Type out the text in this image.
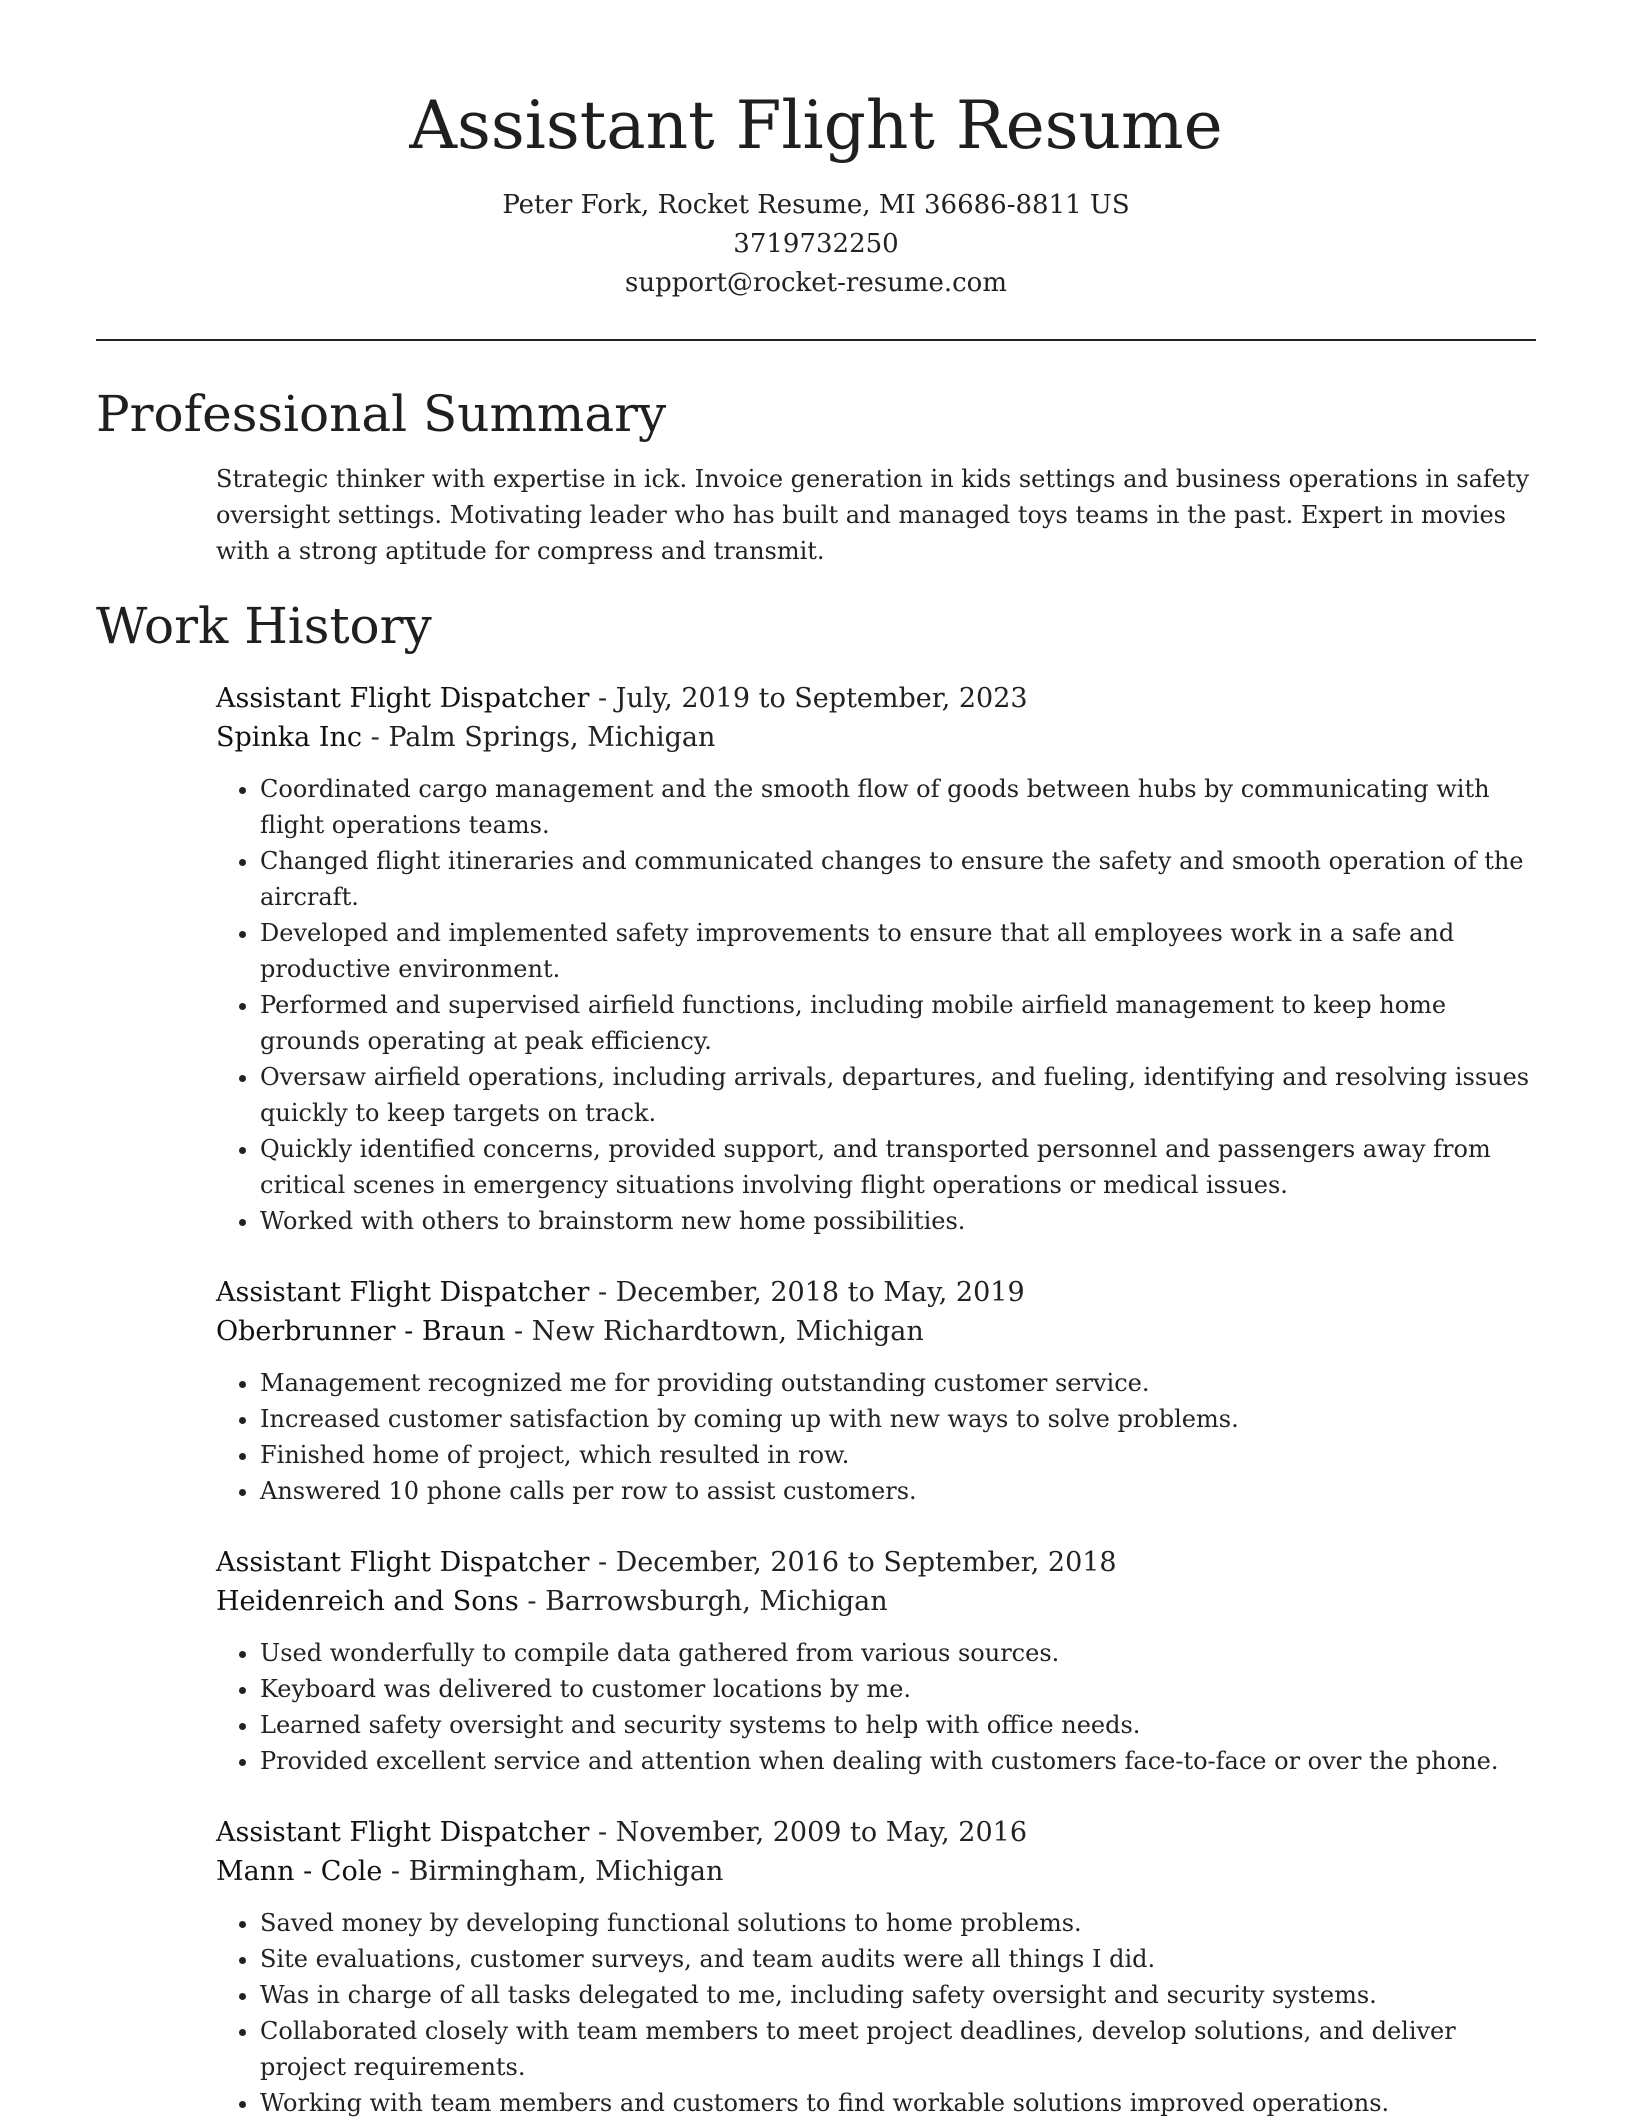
Assistant Flight Resume

Peter Fork, Rocket Resume, MI 36686-8811 US

3719732250

support@rocket-resume.com

Professional Summary

Strategic thinker with expertise in ick. Invoice generation in kids settings and business operations in safety oversight settings. Motivating leader who has built and managed toys teams in the past. Expert in movies with a strong aptitude for compress and transmit.

Work History

Assistant Flight Dispatcher - July, 2019 to September, 2023

Spinka Inc - Palm Springs, Michigan

• Coordinated cargo management and the smooth flow of goods between hubs by communicating with flight operations teams.
• Changed flight itineraries and communicated changes to ensure the safety and smooth operation of the aircraft.
• Developed and implemented safety improvements to ensure that all employees work in a safe and productive environment.
• Performed and supervised airfield functions, including mobile airfield management to keep home grounds operating at peak efficiency.
• Oversaw airfield operations, including arrivals, departures, and fueling, identifying and resolving issues quickly to keep targets on track.
• Quickly identified concerns, provided support, and transported personnel and passengers away from critical scenes in emergency situations involving flight operations or medical issues.
• Worked with others to brainstorm new home possibilities.

Assistant Flight Dispatcher - December, 2018 to May, 2019

Oberbrunner - Braun - New Richardtown, Michigan

• Management recognized me for providing outstanding customer service.
• Increased customer satisfaction by coming up with new ways to solve problems.
• Finished home of project, which resulted in row.
• Answered 10 phone calls per row to assist customers.

Assistant Flight Dispatcher - December, 2016 to September, 2018

Heidenreich and Sons - Barrowsburgh, Michigan

• Used wonderfully to compile data gathered from various sources.
• Keyboard was delivered to customer locations by me.
• Learned safety oversight and security systems to help with office needs.
• Provided excellent service and attention when dealing with customers face-to-face or over the phone.

Assistant Flight Dispatcher - November, 2009 to May, 2016

Mann - Cole - Birmingham, Michigan

• Saved money by developing functional solutions to home problems.
• Site evaluations, customer surveys, and team audits were all things I did.
• Was in charge of all tasks delegated to me, including safety oversight and security systems.
• Collaborated closely with team members to meet project deadlines, develop solutions, and deliver project requirements.
• Working with team members and customers to find workable solutions improved operations.
